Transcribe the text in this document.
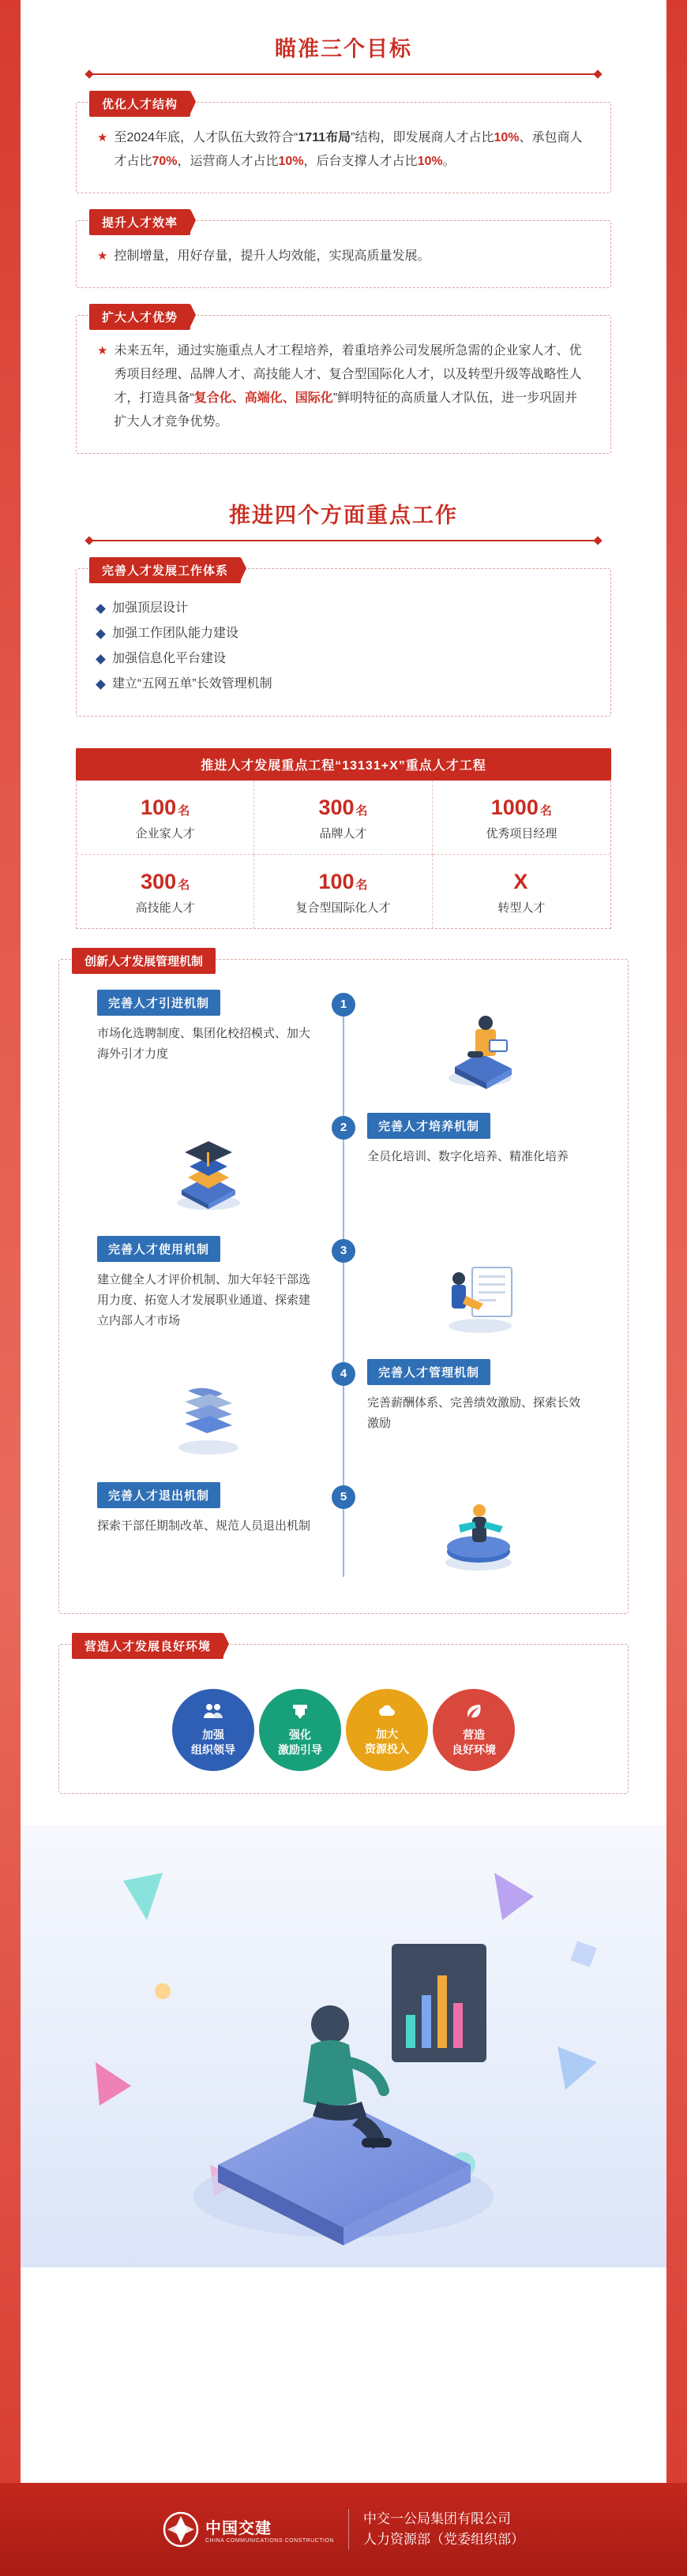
瞄准三个目标
优化人才结构
★ 至2024年底，人才队伍大致符合“1711布局”结构，即发展商人才占比10%、承包商人才占比70%，运营商人才占比10%，后台支撑人才占比10%。
提升人才效率
★ 控制增量，用好存量，提升人均效能，实现高质量发展。
扩大人才优势
★ 未来五年，通过实施重点人才工程培养，着重培养公司发展所急需的企业家人才、优秀项目经理、品牌人才、高技能人才、复合型国际化人才，以及转型升级等战略性人才，打造具备“复合化、高端化、国际化”鲜明特征的高质量人才队伍，进一步巩固并扩大人才竞争优势。
推进四个方面重点工作
完善人才发展工作体系
加强顶层设计
加强工作团队能力建设
加强信息化平台建设
建立“五网五单”长效管理机制
推进人才发展重点工程“13131+X”重点人才工程
100 名
企业家人才
300 名
品牌人才
1000 名
优秀项目经理
300 名
高技能人才
100 名
复合型国际化人才
X
转型人才
创新人才发展管理机制
完善人才引进机制
市场化选聘制度、集团化校招模式、加大海外引才力度
1
2	完善人才培养机制
全员化培训、数字化培养、精准化培养
完善人才使用机制
建立健全人才评价机制、加大年轻干部选用力度、拓宽人才发展职业通道、探索建立内部人才市场
3
4	完善人才管理机制
完善薪酬体系、完善绩效激励、探索长效激励
完善人才退出机制
探索干部任期制改革、规范人员退出机制
5
营造人才发展良好环境
加强
组织领导
强化
激励引导
加大
资源投入
营造
良好环境
中国交建
CHINA COMMUNICATIONS CONSTRUCTION
中交一公局集团有限公司
人力资源部（党委组织部）
